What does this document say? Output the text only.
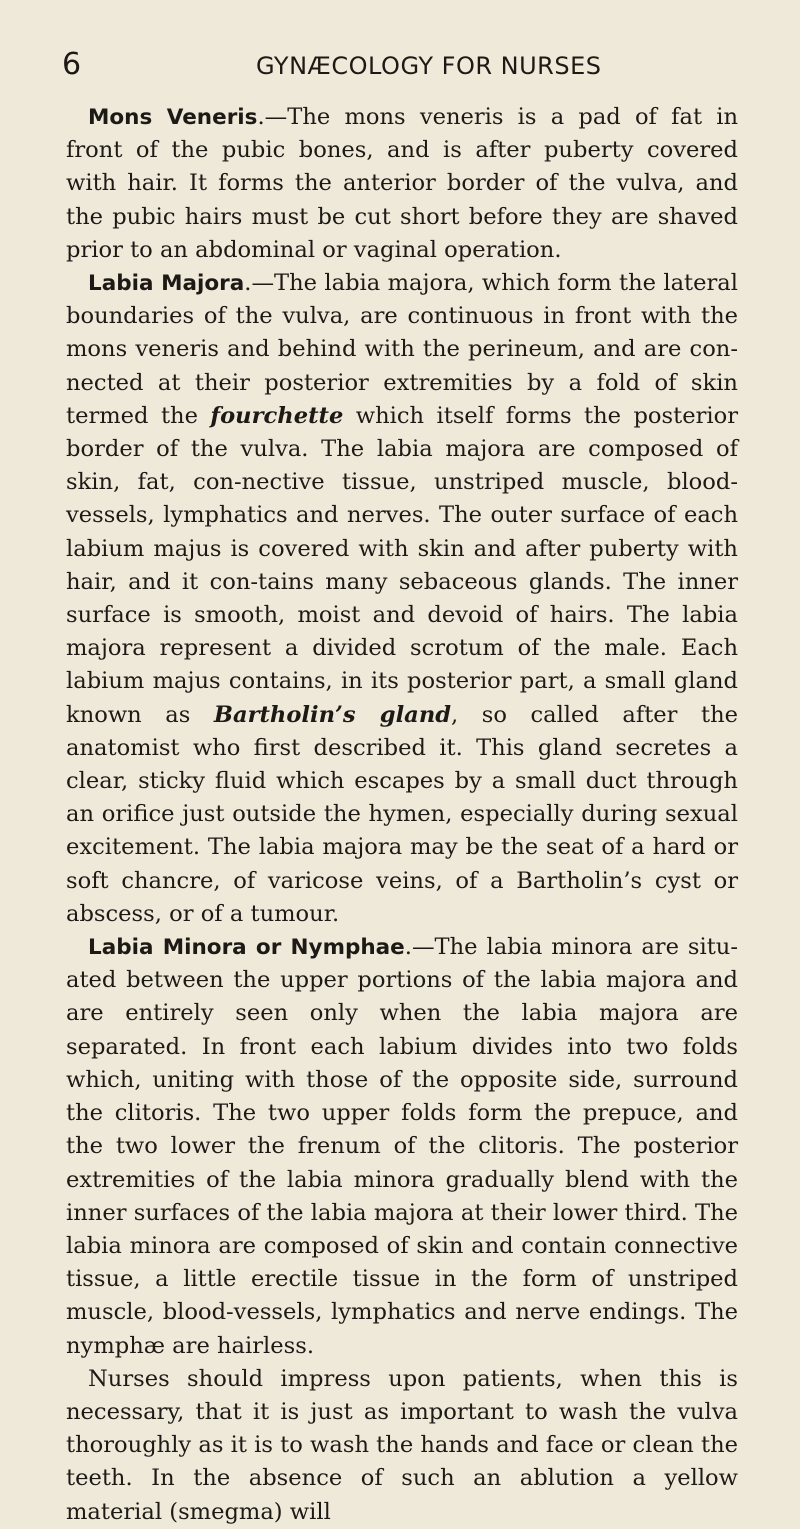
6	GYNÆCOLOGY FOR NURSES

Mons Veneris.—The mons veneris is a pad of fat in front of the pubic bones, and is after puberty covered with hair. It forms the anterior border of the vulva, and the pubic hairs must be cut short before they are shaved prior to an abdominal or vaginal operation.

Labia Majora.—The labia majora, which form the lateral boundaries of the vulva, are continuous in front with the mons veneris and behind with the perineum, and are con-nected at their posterior extremities by a fold of skin termed the fourchette which itself forms the posterior border of the vulva. The labia majora are composed of skin, fat, con-nective tissue, unstriped muscle, blood-vessels, lymphatics and nerves. The outer surface of each labium majus is covered with skin and after puberty with hair, and it con-tains many sebaceous glands. The inner surface is smooth, moist and devoid of hairs. The labia majora represent a divided scrotum of the male. Each labium majus contains, in its posterior part, a small gland known as Bartholin’s gland, so called after the anatomist who first described it. This gland secretes a clear, sticky fluid which escapes by a small duct through an orifice just outside the hymen, especially during sexual excitement. The labia majora may be the seat of a hard or soft chancre, of varicose veins, of a Bartholin’s cyst or abscess, or of a tumour.

Labia Minora or Nymphae.—The labia minora are situ-ated between the upper portions of the labia majora and are entirely seen only when the labia majora are separated. In front each labium divides into two folds which, uniting with those of the opposite side, surround the clitoris. The two upper folds form the prepuce, and the two lower the frenum of the clitoris. The posterior extremities of the labia minora gradually blend with the inner surfaces of the labia majora at their lower third. The labia minora are composed of skin and contain connective tissue, a little erectile tissue in the form of unstriped muscle, blood-vessels, lymphatics and nerve endings. The nymphæ are hairless.

Nurses should impress upon patients, when this is necessary, that it is just as important to wash the vulva thoroughly as it is to wash the hands and face or clean the teeth. In the absence of such an ablution a yellow material (smegma) will
